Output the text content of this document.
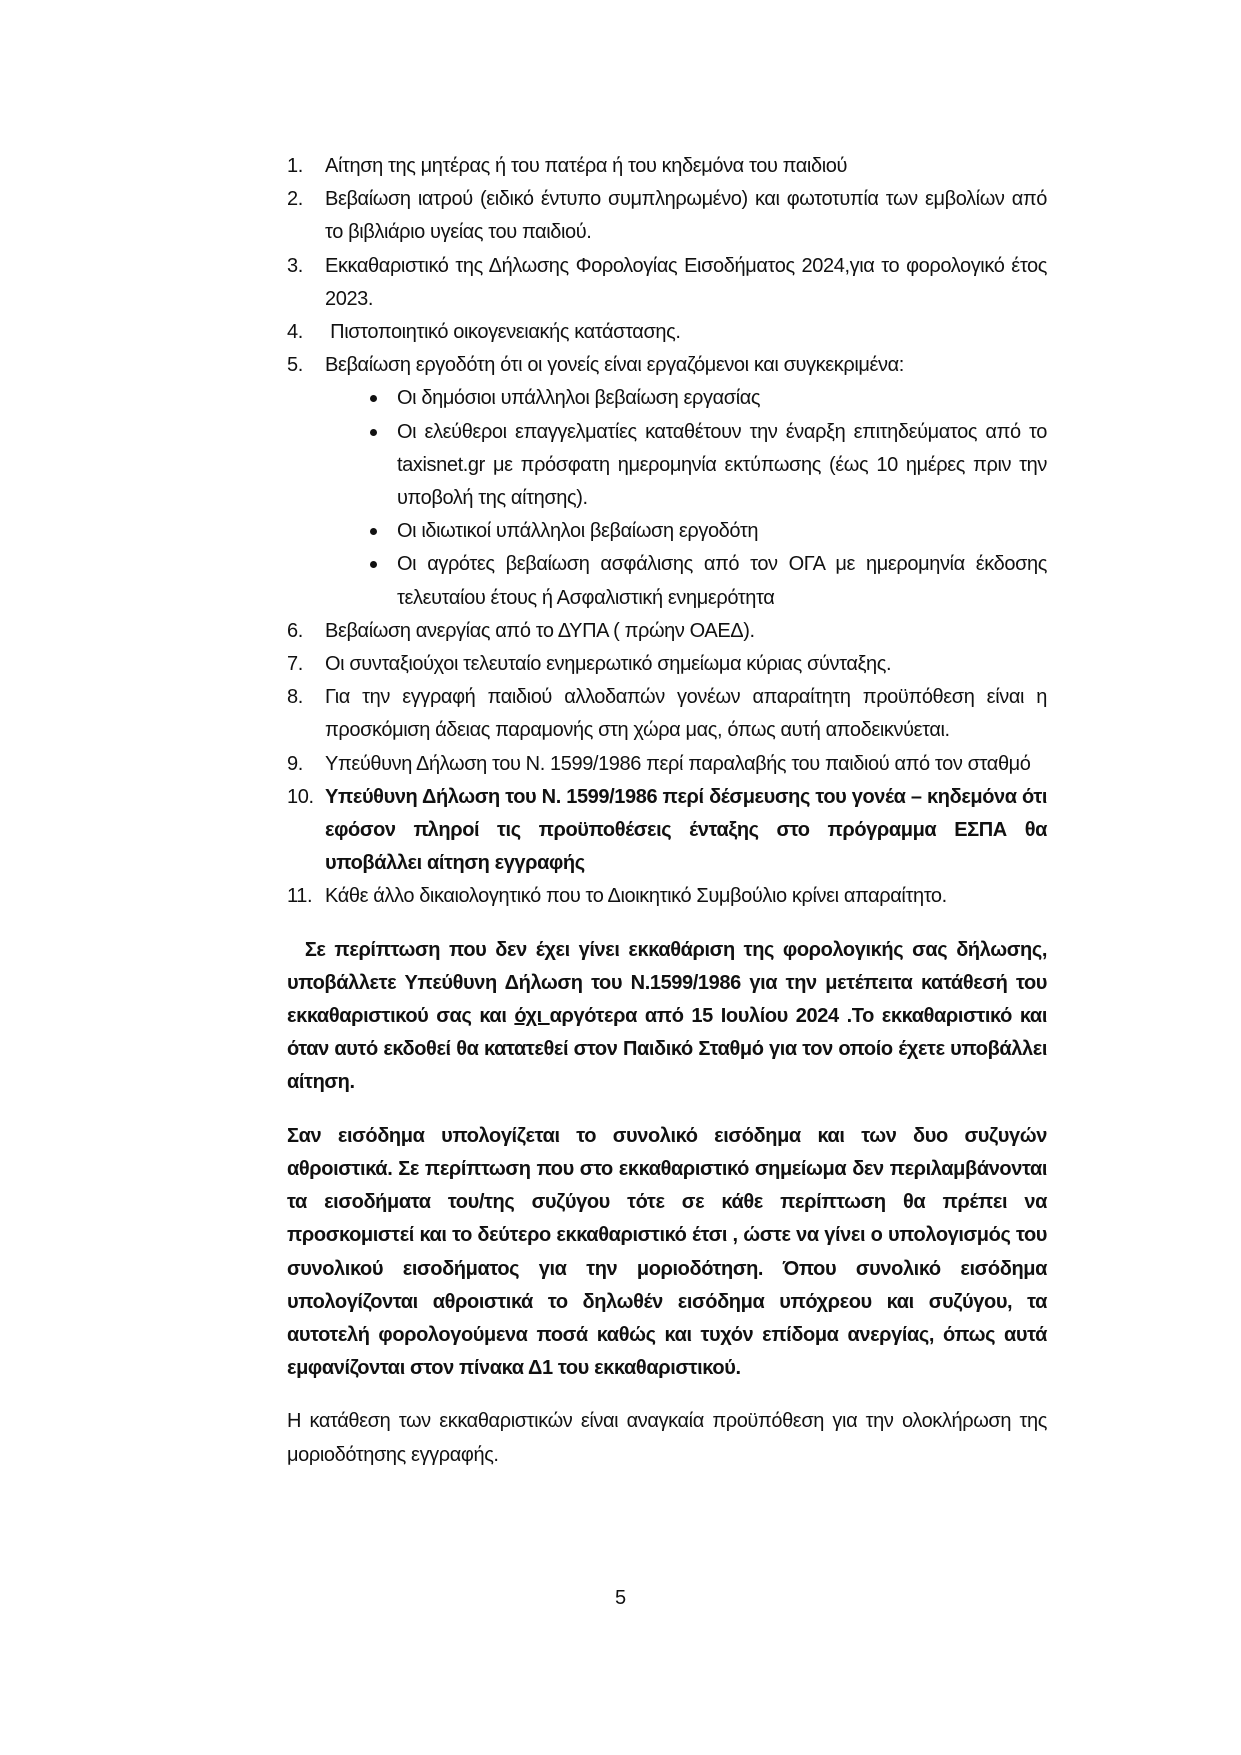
1. Αίτηση της μητέρας ή του πατέρα ή του κηδεμόνα του παιδιού
2. Βεβαίωση ιατρού (ειδικό έντυπο συμπληρωμένο) και φωτοτυπία των εμβολίων από το βιβλιάριο υγείας του παιδιού.
3. Εκκαθαριστικό της Δήλωσης Φορολογίας Εισοδήματος 2024,για το φορολογικό έτος 2023.
4. Πιστοποιητικό οικογενειακής κατάστασης.
5. Βεβαίωση εργοδότη ότι οι γονείς είναι εργαζόμενοι και συγκεκριμένα:
Οι δημόσιοι υπάλληλοι βεβαίωση εργασίας
Οι ελεύθεροι επαγγελματίες καταθέτουν την έναρξη επιτηδεύματος από το taxisnet.gr με πρόσφατη ημερομηνία εκτύπωσης (έως 10 ημέρες πριν την υποβολή της αίτησης).
Οι ιδιωτικοί υπάλληλοι βεβαίωση εργοδότη
Οι αγρότες βεβαίωση ασφάλισης από τον ΟΓΑ με ημερομηνία έκδοσης τελευταίου έτους ή Ασφαλιστική ενημερότητα
6. Βεβαίωση ανεργίας από το ΔΥΠΑ ( πρώην ΟΑΕΔ).
7. Οι συνταξιούχοι τελευταίο ενημερωτικό σημείωμα κύριας σύνταξης.
8. Για την εγγραφή παιδιού αλλοδαπών γονέων απαραίτητη προϋπόθεση είναι η προσκόμιση άδειας παραμονής στη χώρα μας, όπως αυτή αποδεικνύεται.
9. Υπεύθυνη Δήλωση του Ν. 1599/1986 περί παραλαβής του παιδιού από τον σταθμό
10. Υπεύθυνη Δήλωση του Ν. 1599/1986 περί δέσμευσης του γονέα – κηδεμόνα ότι εφόσον πληροί τις προϋποθέσεις ένταξης στο πρόγραμμα ΕΣΠΑ θα υποβάλλει αίτηση εγγραφής
11. Κάθε άλλο δικαιολογητικό που το Διοικητικό Συμβούλιο κρίνει απαραίτητο.

Σε περίπτωση που δεν έχει γίνει εκκαθάριση της φορολογικής σας δήλωσης, υποβάλλετε Υπεύθυνη Δήλωση του Ν.1599/1986 για την μετέπειτα κατάθεσή του εκκαθαριστικού σας και όχι αργότερα από 15 Ιουλίου 2024 .Το εκκαθαριστικό και όταν αυτό εκδοθεί θα κατατεθεί στον Παιδικό Σταθμό για τον οποίο έχετε υποβάλλει αίτηση.

Σαν εισόδημα υπολογίζεται το συνολικό εισόδημα και των δυο συζυγών αθροιστικά. Σε περίπτωση που στο εκκαθαριστικό σημείωμα δεν περιλαμβάνονται τα εισοδήματα του/της συζύγου τότε σε κάθε περίπτωση θα πρέπει να προσκομιστεί και το δεύτερο εκκαθαριστικό έτσι , ώστε να γίνει ο υπολογισμός του συνολικού εισοδήματος για την μοριοδότηση. Όπου συνολικό εισόδημα υπολογίζονται αθροιστικά το δηλωθέν εισόδημα υπόχρεου και συζύγου, τα αυτοτελή φορολογούμενα ποσά καθώς και τυχόν επίδομα ανεργίας, όπως αυτά εμφανίζονται στον πίνακα Δ1 του εκκαθαριστικού.

Η κατάθεση των εκκαθαριστικών είναι αναγκαία προϋπόθεση για την ολοκλήρωση της μοριοδότησης εγγραφής.

5
